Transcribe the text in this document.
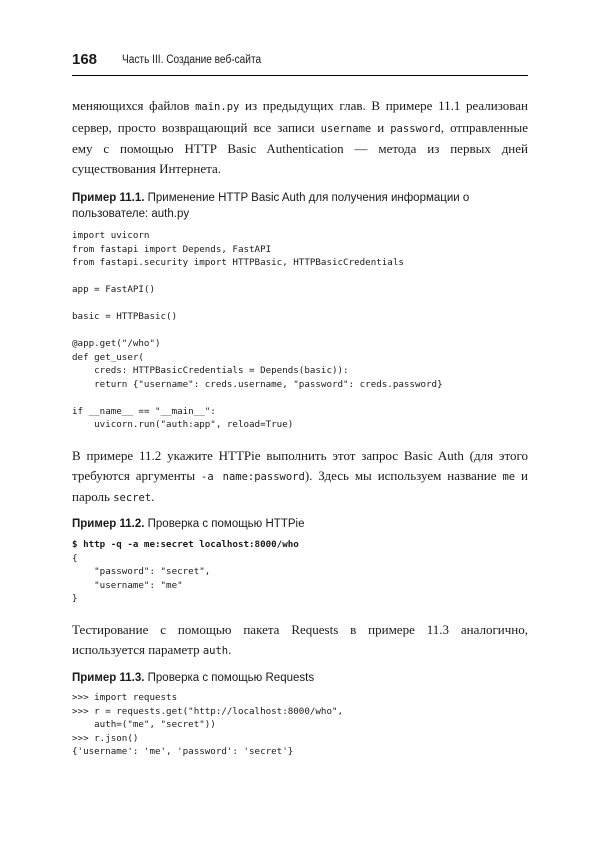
168 Часть III. Создание веб-сайта

меняющихся файлов main.py из предыдущих глав. В примере 11.1 реализован сервер, просто возвращающий все записи username и password, отправленные ему с помощью HTTP Basic Authentication — метода из первых дней существования Интернета.

Пример 11.1. Применение HTTP Basic Auth для получения информации о пользователе: auth.py
import uvicorn
from fastapi import Depends, FastAPI
from fastapi.security import HTTPBasic, HTTPBasicCredentials

app = FastAPI()

basic = HTTPBasic()

@app.get("/who")
def get_user(
creds: HTTPBasicCredentials = Depends(basic)):
return {"username": creds.username, "password": creds.password}

if __name__ == "__main__":
uvicorn.run("auth:app", reload=True)

В примере 11.2 укажите HTTPie выполнить этот запрос Basic Auth (для этого требуются аргументы -a name:password). Здесь мы используем название me и пароль secret.

Пример 11.2. Проверка с помощью HTTPie
$ http -q -a me:secret localhost:8000/who
{
"password": "secret",
"username": "me"
}

Тестирование с помощью пакета Requests в примере 11.3 аналогично, используется параметр auth.

Пример 11.3. Проверка с помощью Requests
>>> import requests
>>> r = requests.get("http://localhost:8000/who",
auth=("me", "secret"))
>>> r.json()
{'username': 'me', 'password': 'secret'}
